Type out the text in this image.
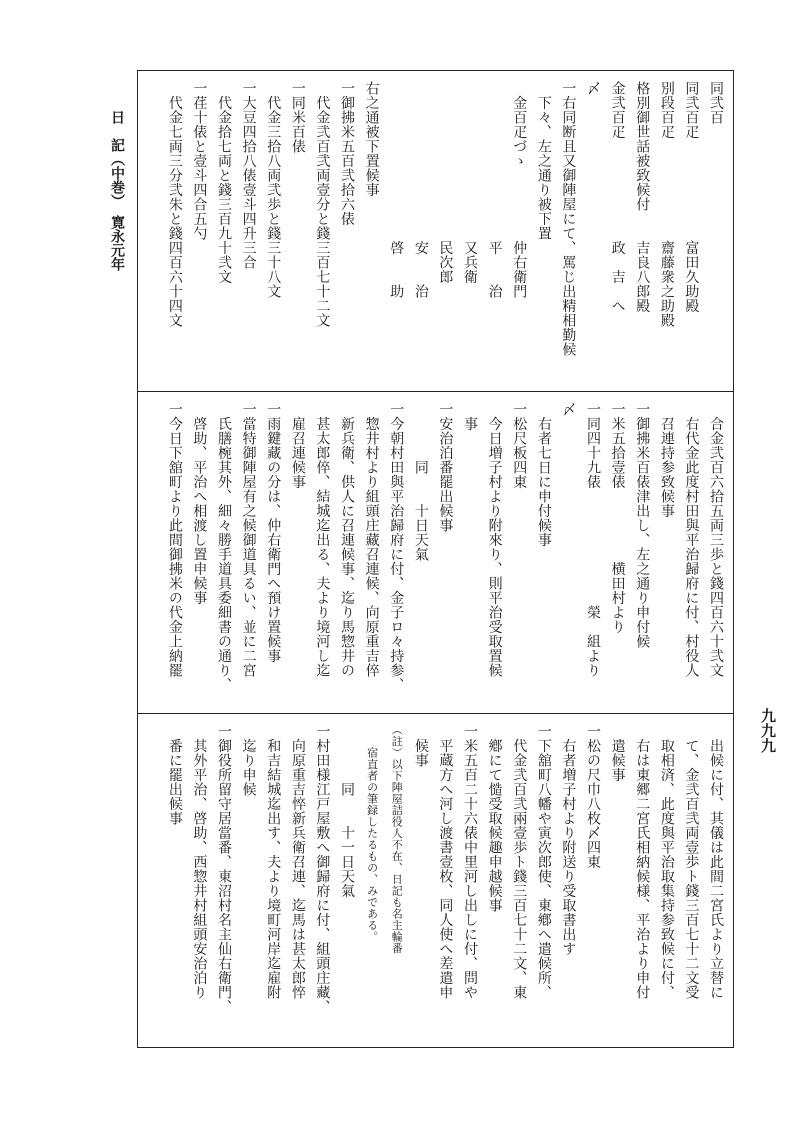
日　記（中巻）　寛永元年
同弐百
同弐百疋　　　　　　　富田久助殿
別段百疋　　　　　　　齋藤衆之助殿
格別御世話被致候付　　吉良八郎殿
金弐百疋　　　　　　　政　吉　へ
〆
一右同断且又御陣屋にて、罵じ出精相勤候
　下々、左之通り被下置
　金百疋づゝ　　　　　仲右衛門
　　　　　　　　　　　平　　治
　　　　　　　　　　　又兵衛
　　　　　　　　　　　民次郎
　　　　　　　　　　　安　　治
　　　　　　　　　　　啓　　助
右之通被下置候事
一御拂米五百弐拾六俵
　代金弐百弐両壹分と錢三百七十二文
一同米百俵
　代金三拾八両弐歩と錢三十八文
一大豆四拾八俵壹斗四升三合
　代金拾七両と錢三百九十弐文
一荏十俵と壹斗四合五勺
　代金七両三分弐朱と錢四百六十四文
　合金弐百六拾五両三歩と錢四百六十弐文
　右代金此度村田與平治歸府に付、村役人
　召連持参致候事
一御拂米百俵津出し、左之通り申付候
一米五拾壹俵　　　　　横田村より
一同四十九俵　　　　　　　　榮　組より
〆
　右者七日に申付候事
一松尺板四東
　今日増子村より附來り、則平治受取置候
　事
一安治泊番罷出候事
　　　　同　　十日天氣
一今朝村田與平治歸府に付、金子ロ々持参、
　惣井村より組頭庄藏召連候、向原重吉倅
　新兵衛、供人に召連候事、迄り馬惣井の
　甚太郎倅、結城迄出る、夫より境河し迄
　雇召連候事
一雨鍵藏の分は、仲右衛門へ預け置候事
一當特御陣屋有之候御道具るい、並に二宮
　氏膳椀其外、細々勝手道具委細書の通り、
　啓助、平治へ相渡し置申候事
一今日下舘町より此間御拂米の代金上納罷
　出候に付、其儀は此間二宮氏より立替に
　て、金弐百弐両壹歩ト錢三百七十二文受
　取相済、此度與平治取集持参致候に付、
　右は東郷二宮氏相納候様、平治より申付
　遣候事
一松の尺巾八枚〆四東
　右者増子村より附送り受取書出す
一下舘町八幡や寅次郎使、東鄕へ遣候所、
　代金弐百弐兩壹歩ト錢三百七十二文、東
　鄕にて慥受取候趣申越候事
一米五百二十六俵中里河し出しに付、問や
　平蔵方へ河し渡書壹枚、同人使へ差遣申
　候事
（註）以下陣屋詰役人不在、日記も名主輪番
　　宿直者の筆録したるもの、みである。
　　　　同　　十一日天氣
一村田様江戸屋敷へ御歸府に付、組頭庄藏、
　向原重吉悴新兵衛召連、迄馬は甚太郎悴
　和吉結城迄出す、夫より境町河岸迄雇附
　迄り申候
一御役所留守居當番、東沼村名主仙右衛門、
　其外平治、啓助、西惣井村組頭安治泊り
　番に罷出候事	九九九
